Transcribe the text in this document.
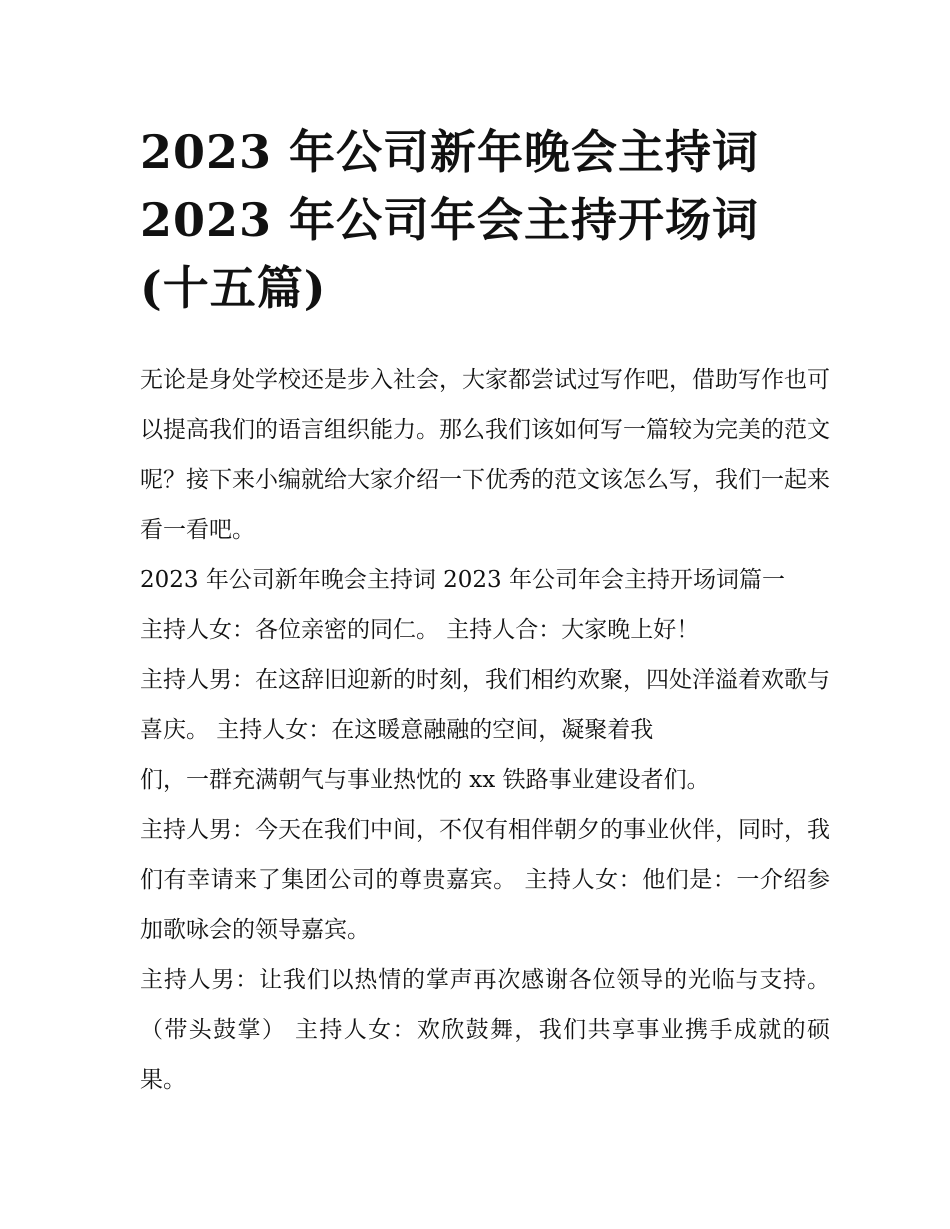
2023 年公司新年晚会主持词
2023 年公司年会主持开场词
(十五篇)

无论是身处学校还是步入社会，大家都尝试过写作吧，借助写作也可以提高我们的语言组织能力。那么我们该如何写一篇较为完美的范文呢？接下来小编就给大家介绍一下优秀的范文该怎么写，我们一起来看一看吧。

2023 年公司新年晚会主持词 2023 年公司年会主持开场词篇一

主持人女：各位亲密的同仁。 主持人合：大家晚上好！

主持人男：在这辞旧迎新的时刻，我们相约欢聚，四处洋溢着欢歌与喜庆。 主持人女：在这暖意融融的空间，凝聚着我

们，一群充满朝气与事业热忱的 xx 铁路事业建设者们。

主持人男：今天在我们中间，不仅有相伴朝夕的事业伙伴，同时，我们有幸请来了集团公司的尊贵嘉宾。 主持人女：他们是：一介绍参加歌咏会的领导嘉宾。

主持人男：让我们以热情的掌声再次感谢各位领导的光临与支持。（带头鼓掌） 主持人女：欢欣鼓舞，我们共享事业携手成就的硕果。
